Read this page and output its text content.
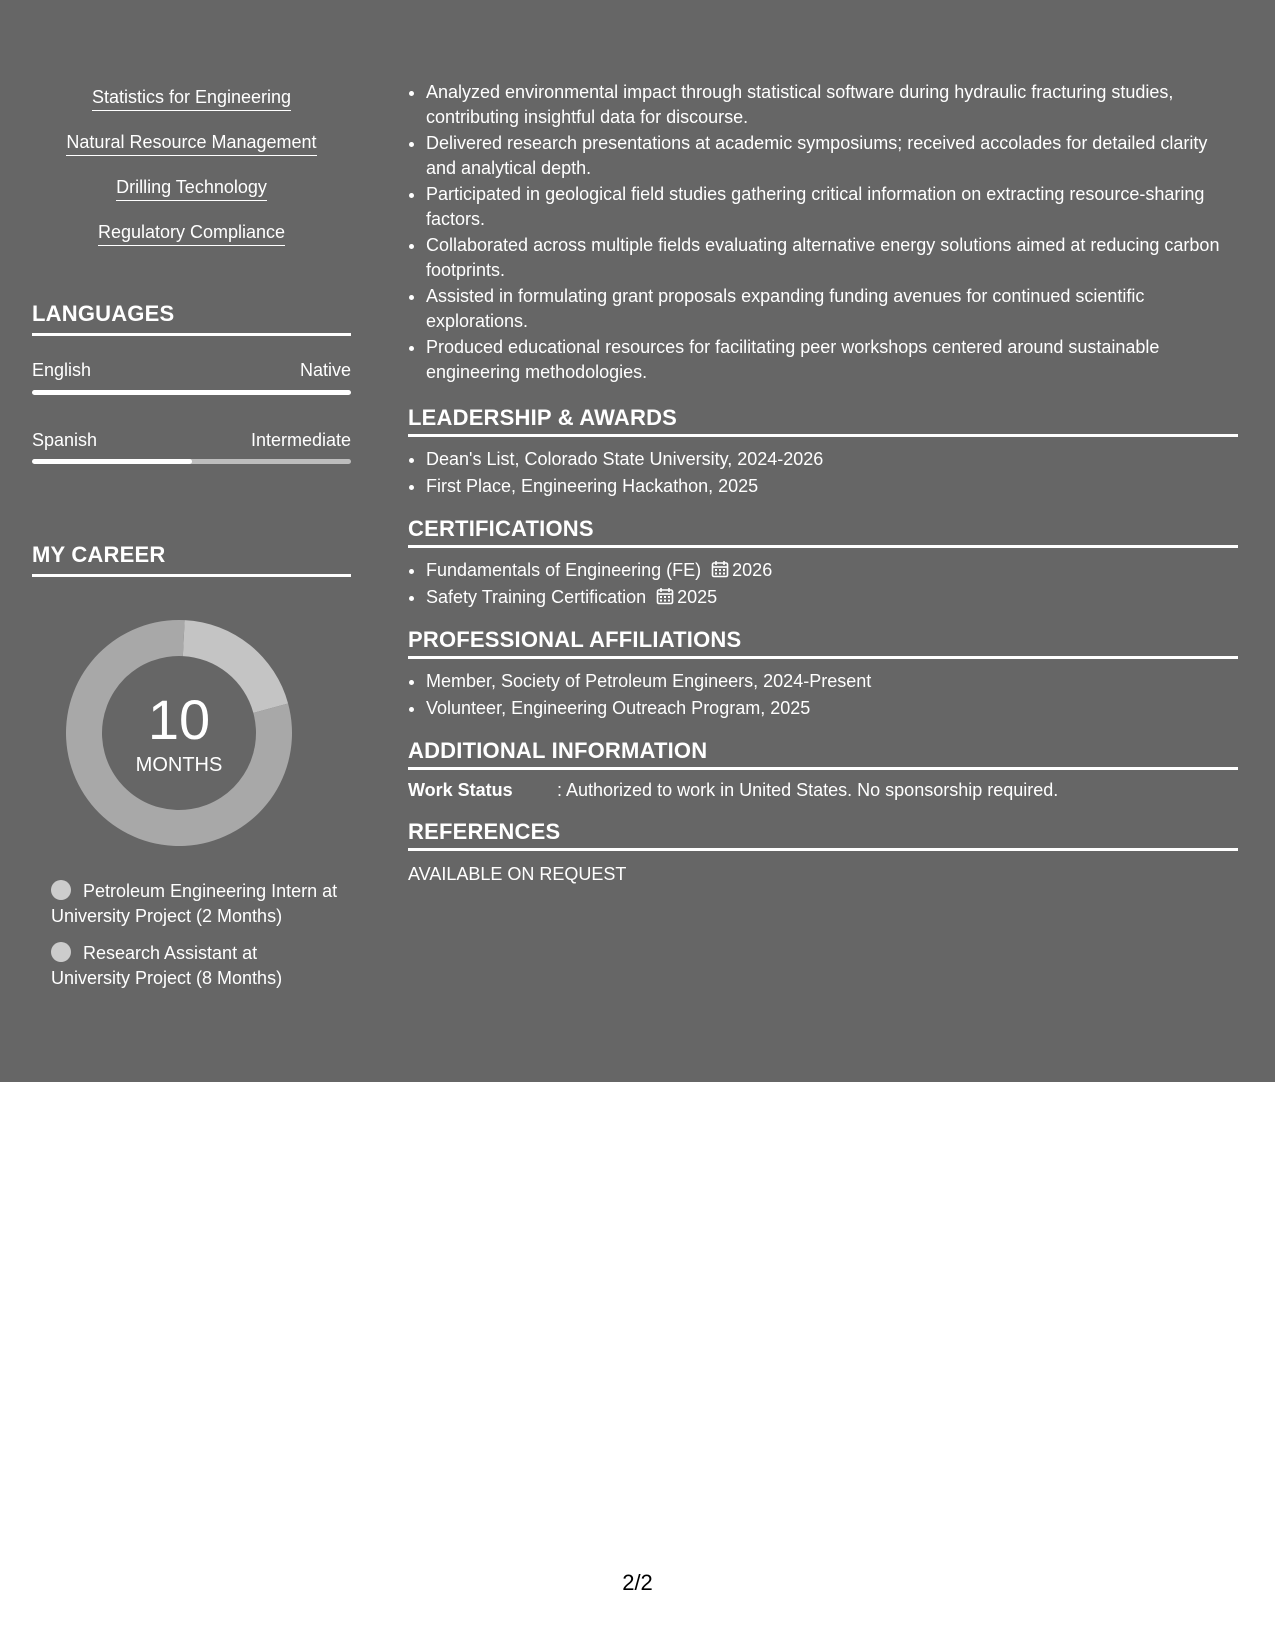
Statistics for Engineering
Natural Resource Management
Drilling Technology
Regulatory Compliance
LANGUAGES
English	Native
Spanish	Intermediate
MY CAREER
10
MONTHS
Petroleum Engineering Intern at University Project (2 Months)
Research Assistant at University Project (8 Months)
• Analyzed environmental impact through statistical software during hydraulic fracturing studies, contributing insightful data for discourse.
• Delivered research presentations at academic symposiums; received accolades for detailed clarity and analytical depth.
• Participated in geological field studies gathering critical information on extracting resource-sharing factors.
• Collaborated across multiple fields evaluating alternative energy solutions aimed at reducing carbon footprints.
• Assisted in formulating grant proposals expanding funding avenues for continued scientific explorations.
• Produced educational resources for facilitating peer workshops centered around sustainable engineering methodologies.
LEADERSHIP & AWARDS
• Dean's List, Colorado State University, 2024-2026
• First Place, Engineering Hackathon, 2025
CERTIFICATIONS
• Fundamentals of Engineering (FE) 2026
• Safety Training Certification 2025
PROFESSIONAL AFFILIATIONS
• Member, Society of Petroleum Engineers, 2024-Present
• Volunteer, Engineering Outreach Program, 2025
ADDITIONAL INFORMATION
Work Status : Authorized to work in United States. No sponsorship required.
REFERENCES
AVAILABLE ON REQUEST
2/2
